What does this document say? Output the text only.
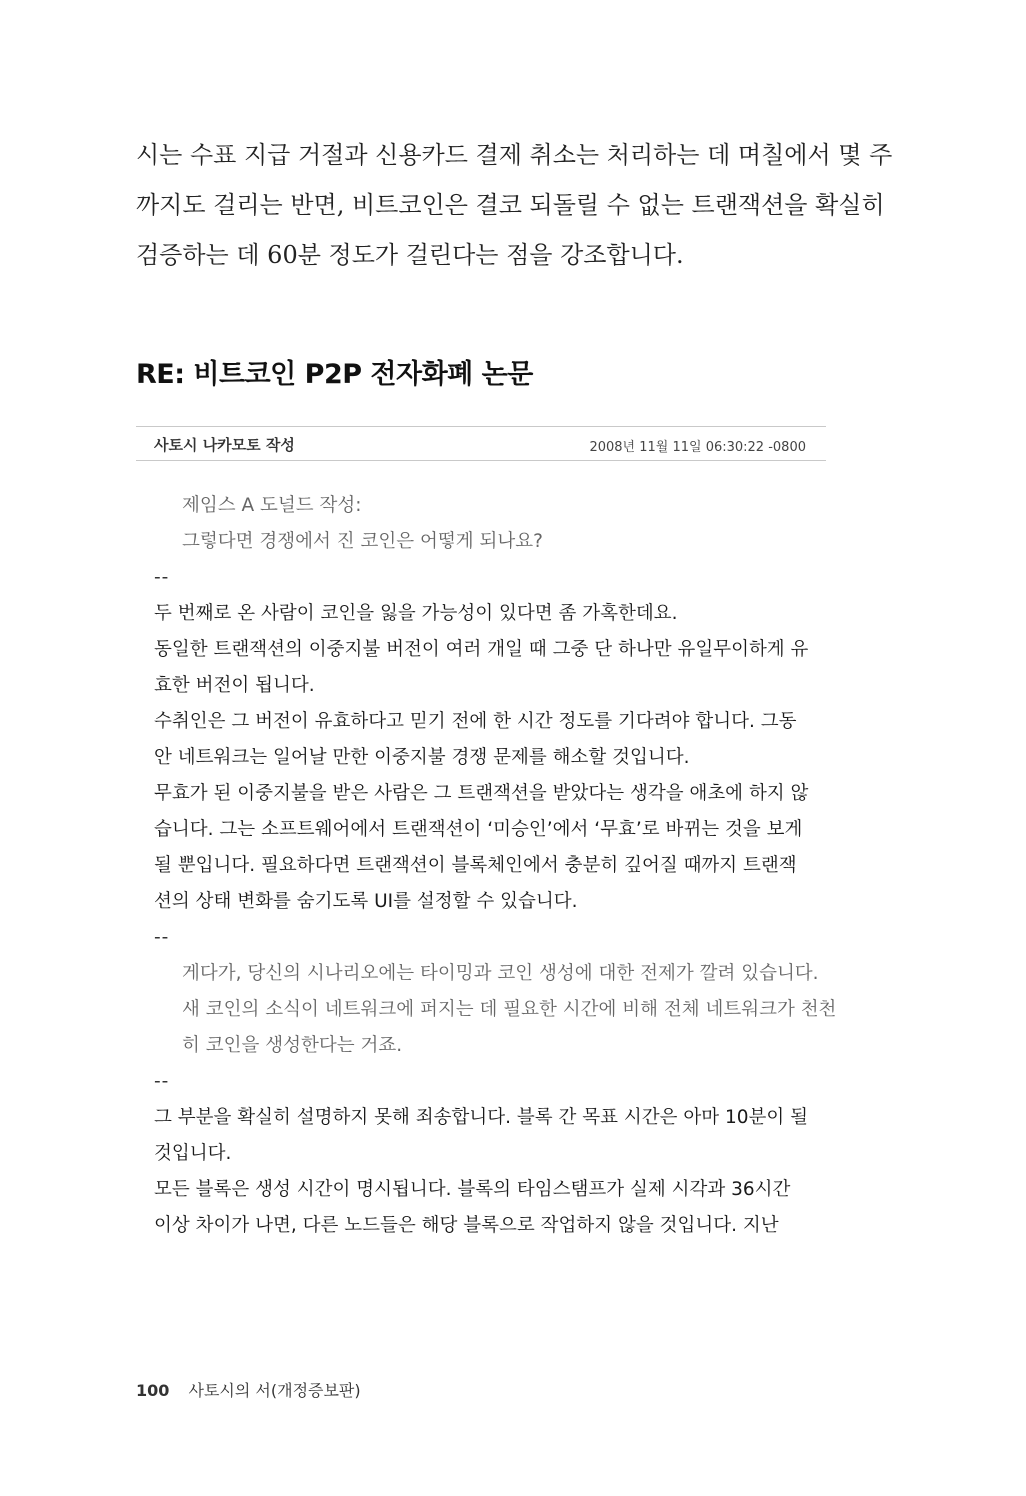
시는 수표 지급 거절과 신용카드 결제 취소는 처리하는 데 며칠에서 몇 주

까지도 걸리는 반면, 비트코인은 결코 되돌릴 수 없는 트랜잭션을 확실히

검증하는 데 60분 정도가 걸린다는 점을 강조합니다.

RE: 비트코인 P2P 전자화폐 논문
사토시 나카모토 작성	2008년 11월 11일 06:30:22 -0800
제임스 A 도널드 작성:
그렇다면 경쟁에서 진 코인은 어떻게 되나요?
--
두 번째로 온 사람이 코인을 잃을 가능성이 있다면 좀 가혹한데요.
동일한 트랜잭션의 이중지불 버전이 여러 개일 때 그중 단 하나만 유일무이하게 유
효한 버전이 됩니다.
수취인은 그 버전이 유효하다고 믿기 전에 한 시간 정도를 기다려야 합니다. 그동
안 네트워크는 일어날 만한 이중지불 경쟁 문제를 해소할 것입니다.
무효가 된 이중지불을 받은 사람은 그 트랜잭션을 받았다는 생각을 애초에 하지 않
습니다. 그는 소프트웨어에서 트랜잭션이 ‘미승인’에서 ‘무효’로 바뀌는 것을 보게
될 뿐입니다. 필요하다면 트랜잭션이 블록체인에서 충분히 깊어질 때까지 트랜잭
션의 상태 변화를 숨기도록 UI를 설정할 수 있습니다.
--
게다가, 당신의 시나리오에는 타이밍과 코인 생성에 대한 전제가 깔려 있습니다.
새 코인의 소식이 네트워크에 퍼지는 데 필요한 시간에 비해 전체 네트워크가 천천
히 코인을 생성한다는 거죠.
--
그 부분을 확실히 설명하지 못해 죄송합니다. 블록 간 목표 시간은 아마 10분이 될
것입니다.
모든 블록은 생성 시간이 명시됩니다. 블록의 타임스탬프가 실제 시각과 36시간
이상 차이가 나면, 다른 노드들은 해당 블록으로 작업하지 않을 것입니다. 지난
100 사토시의 서(개정증보판)
